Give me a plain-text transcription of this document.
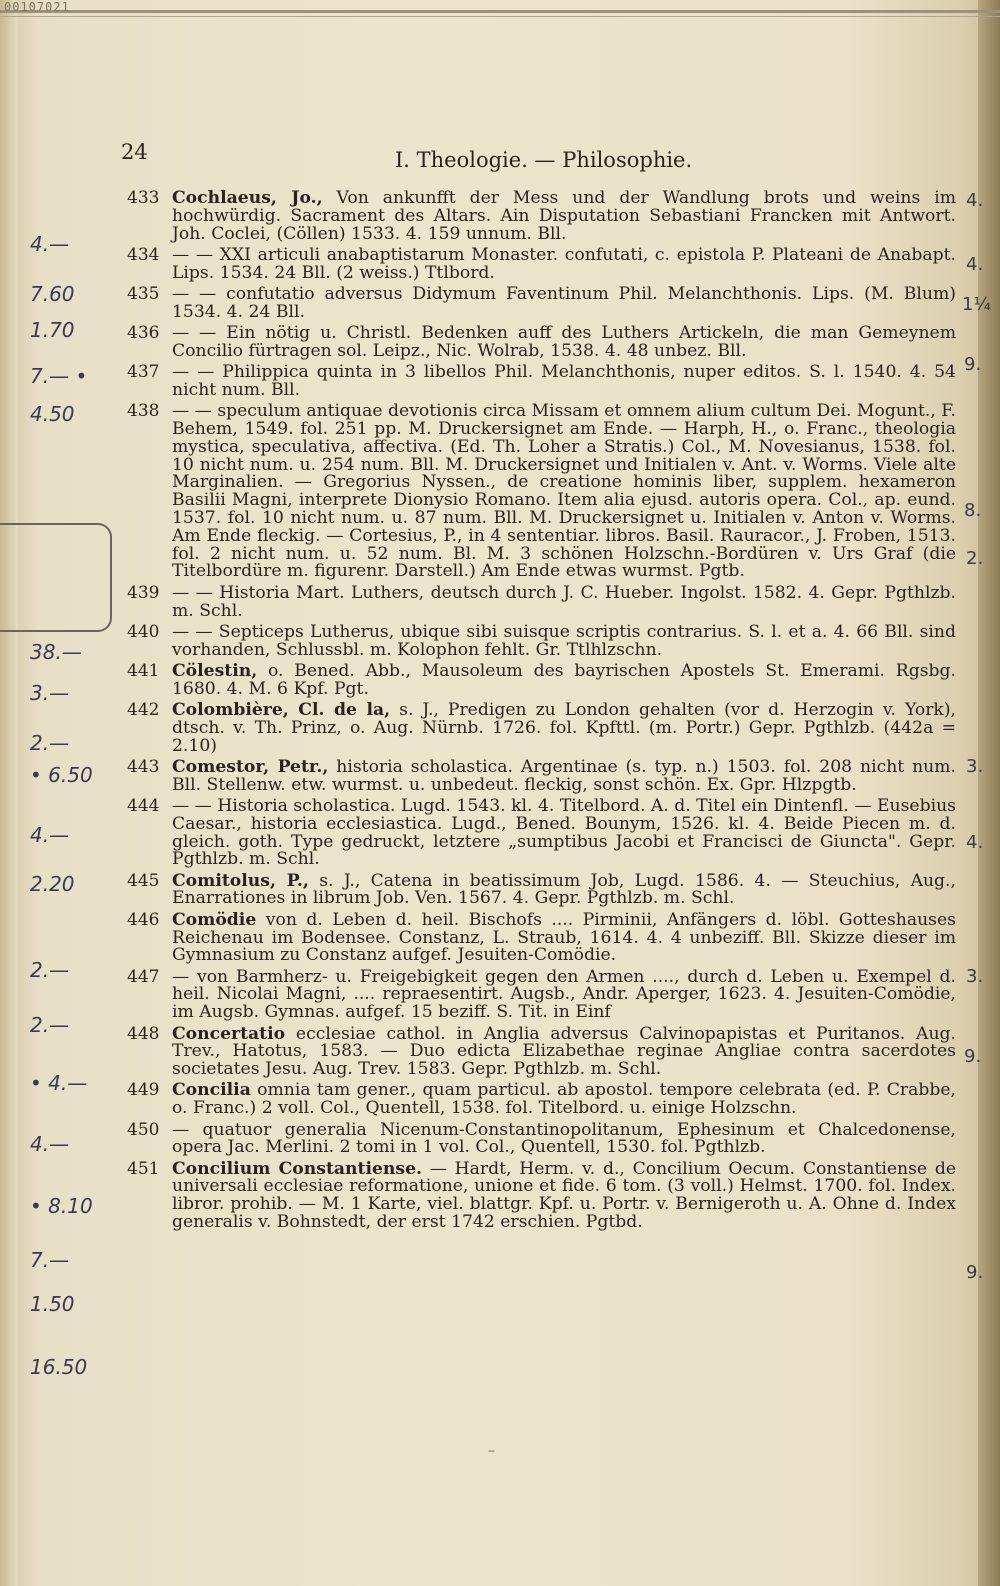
00107021
24	I. Theologie. — Philosophie.
433 Cochlaeus, Jo., Von ankunfft der Mess und der Wandlung brots und weins im hochwürdig. Sacrament des Altars. Ain Disputation Sebastiani Francken mit Antwort. Joh. Coclei, (Cöllen) 1533. 4. 159 unnum. Bll.
434 — — XXI articuli anabaptistarum Monaster. confutati, c. epistola P. Plateani de Anabapt. Lips. 1534. 24 Bll. (2 weiss.) Ttlbord.
435 — — confutatio adversus Didymum Faventinum Phil. Melanchthonis. Lips. (M. Blum) 1534. 4. 24 Bll.
436 — — Ein nötig u. Christl. Bedenken auff des Luthers Artickeln, die man Gemeynem Concilio fürtragen sol. Leipz., Nic. Wolrab, 1538. 4. 48 unbez. Bll.
437 — — Philippica quinta in 3 libellos Phil. Melanchthonis, nuper editos. S. l. 1540. 4. 54 nicht num. Bll.
438 — — speculum antiquae devotionis circa Missam et omnem alium cultum Dei. Mogunt., F. Behem, 1549. fol. 251 pp. M. Druckersignet am Ende. — Harph, H., o. Franc., theologia mystica, speculativa, affectiva. (Ed. Th. Loher a Stratis.) Col., M. Novesianus, 1538. fol. 10 nicht num. u. 254 num. Bll. M. Druckersignet und Initialen v. Ant. v. Worms. Viele alte Marginalien. — Gregorius Nyssen., de creatione hominis liber, supplem. hexameron Basilii Magni, interprete Dionysio Romano. Item alia ejusd. autoris opera. Col., ap. eund. 1537. fol. 10 nicht num. u. 87 num. Bll. M. Druckersignet u. Initialen v. Anton v. Worms. Am Ende fleckig. — Cortesius, P., in 4 sententiar. libros. Basil. Rauracor., J. Froben, 1513. fol. 2 nicht num. u. 52 num. Bl. M. 3 schönen Holzschn.-Bordüren v. Urs Graf (die Titelbordüre m. figurenr. Darstell.) Am Ende etwas wurmst. Pgtb.
439 — — Historia Mart. Luthers, deutsch durch J. C. Hueber. Ingolst. 1582. 4. Gepr. Pgthlzb. m. Schl.
440 — — Septiceps Lutherus, ubique sibi suisque scriptis contrarius. S. l. et a. 4. 66 Bll. sind vorhanden, Schlussbl. m. Kolophon fehlt. Gr. Ttlhlzschn.
441 Cölestin, o. Bened. Abb., Mausoleum des bayrischen Apostels St. Emerami. Rgsbg. 1680. 4. M. 6 Kpf. Pgt.
442 Colombière, Cl. de la, s. J., Predigen zu London gehalten (vor d. Herzogin v. York), dtsch. v. Th. Prinz, o. Aug. Nürnb. 1726. fol. Kpfttl. (m. Portr.) Gepr. Pgthlzb. (442a = 2.10)
443 Comestor, Petr., historia scholastica. Argentinae (s. typ. n.) 1503. fol. 208 nicht num. Bll. Stellenw. etw. wurmst. u. unbedeut. fleckig, sonst schön. Ex. Gpr. Hlzpgtb.
444 — — Historia scholastica. Lugd. 1543. kl. 4. Titelbord. A. d. Titel ein Dintenfl. — Eusebius Caesar., historia ecclesiastica. Lugd., Bened. Bounym, 1526. kl. 4. Beide Piecen m. d. gleich. goth. Type gedruckt, letztere „sumptibus Jacobi et Francisci de Giuncta". Gepr. Pgthlzb. m. Schl.
445 Comitolus, P., s. J., Catena in beatissimum Job, Lugd. 1586. 4. — Steuchius, Aug., Enarrationes in librum Job. Ven. 1567. 4. Gepr. Pgthlzb. m. Schl.
446 Comödie von d. Leben d. heil. Bischofs .... Pirminii, Anfängers d. löbl. Gotteshauses Reichenau im Bodensee. Constanz, L. Straub, 1614. 4. 4 unbeziff. Bll. Skizze dieser im Gymnasium zu Constanz aufgef. Jesuiten-Comödie.
447 — von Barmherz- u. Freigebigkeit gegen den Armen ...., durch d. Leben u. Exempel d. heil. Nicolai Magni, .... repraesentirt. Augsb., Andr. Aperger, 1623. 4. Jesuiten-Comödie, im Augsb. Gymnas. aufgef. 15 beziff. S. Tit. in Einf
448 Concertatio ecclesiae cathol. in Anglia adversus Calvinopapistas et Puritanos. Aug. Trev., Hatotus, 1583. — Duo edicta Elizabethae reginae Angliae contra sacerdotes societates Jesu. Aug. Trev. 1583. Gepr. Pgthlzb. m. Schl.
449 Concilia omnia tam gener., quam particul. ab apostol. tempore celebrata (ed. P. Crabbe, o. Franc.) 2 voll. Col., Quentell, 1538. fol. Titelbord. u. einige Holzschn.
450 — quatuor generalia Nicenum-Constantinopolitanum, Ephesinum et Chalcedonense, opera Jac. Merlini. 2 tomi in 1 vol. Col., Quentell, 1530. fol. Pgthlzb.
451 Concilium Constantiense. — Hardt, Herm. v. d., Concilium Oecum. Constantiense de universali ecclesiae reformatione, unione et fide. 6 tom. (3 voll.) Helmst. 1700. fol. Index. libror. prohib. — M. 1 Karte, viel. blattgr. Kpf. u. Portr. v. Bernigeroth u. A. Ohne d. Index generalis v. Bohnstedt, der erst 1742 erschien. Pgtbd.
4.—
7.60
1.70
7.— •
4.50
38.—
3.—
2.—
• 6.50
4.—
2.20
2.—
2.—
• 4.—
4.—
• 8.10
7.—
1.50
16.50
4.
4.
1¼
9.
8.
2.
4.
3.
9.
3.
9.
–
